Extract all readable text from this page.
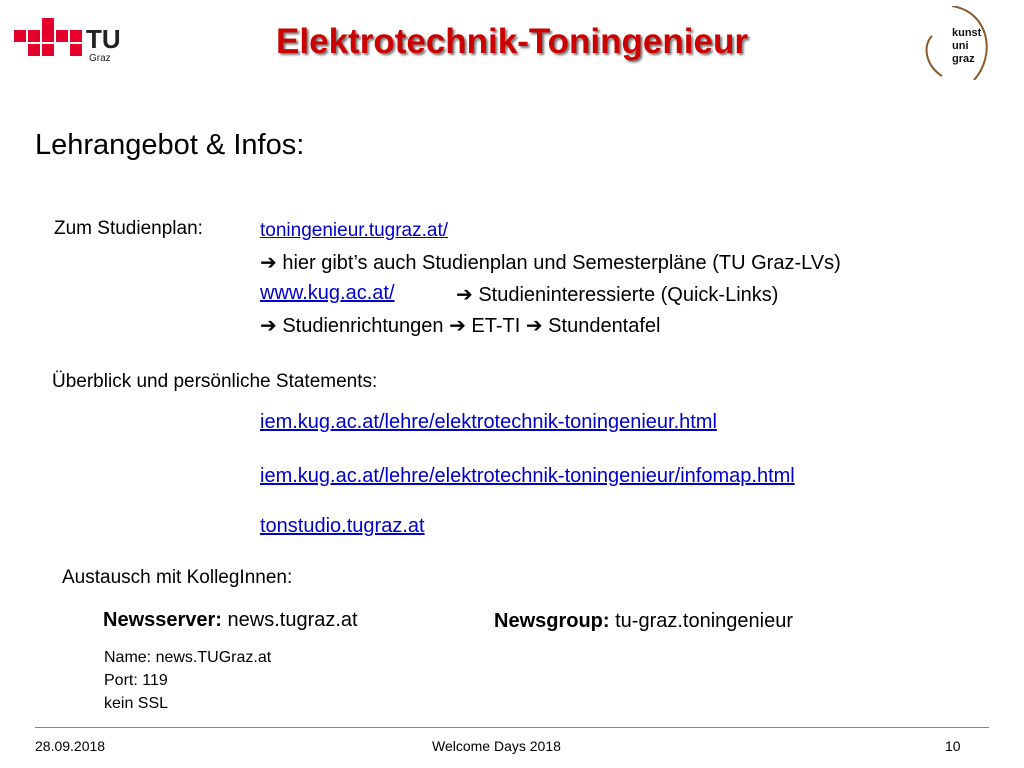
TU
Graz	Elektrotechnik-Toningenieur	kunst
uni
graz
Lehrangebot & Infos:
Zum Studienplan:	toningenieur.tugraz.at/
➔ hier gibt’s auch Studienplan und Semesterpläne (TU Graz-LVs)
www.kug.ac.at/	➔ Studieninteressierte (Quick-Links)
➔ Studienrichtungen ➔ ET-TI ➔ Stundentafel
Überblick und persönliche Statements:
iem.kug.ac.at/lehre/elektrotechnik-toningenieur.html
iem.kug.ac.at/lehre/elektrotechnik-toningenieur/infomap.html
tonstudio.tugraz.at
Austausch mit KollegInnen:
Newsserver: news.tugraz.at	Newsgroup: tu-graz.toningenieur
Name: news.TUGraz.at
Port: 119
kein SSL
28.09.2018	Welcome Days 2018	10
